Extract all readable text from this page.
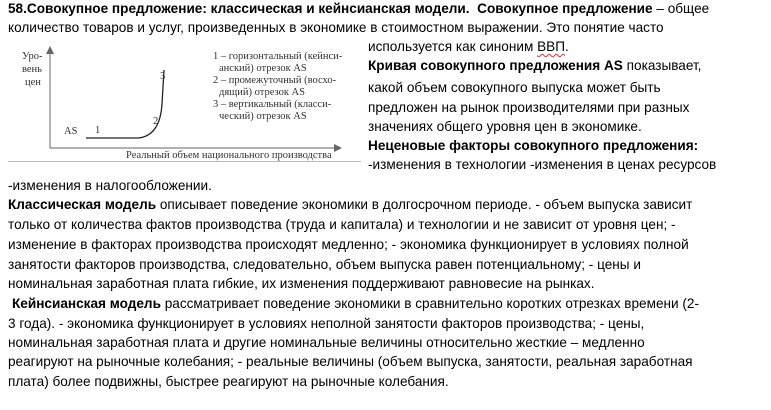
58.Совокупное предложение: классическая и кейнсианская модели. Совокупное предложение – общее
количество товаров и услуг, произведенных в экономике в стоимостном выражении. Это понятие часто
используется как синоним ВВП.
Кривая совокупного предложения AS показывает,
какой объем совокупного выпуска может быть
предложен на рынок производителями при разных
значениях общего уровня цен в экономике.
Неценовые факторы совокупного предложения:
-изменения в технологии -изменения в ценах ресурсов
-изменения в налогообложении.
Классическая модель описывает поведение экономики в долгосрочном периоде. - объем выпуска зависит
только от количества фактов производства (труда и капитала) и технологии и не зависит от уровня цен; -
изменение в факторах производства происходят медленно; - экономика функционирует в условиях полной
занятости факторов производства, следовательно, объем выпуска равен потенциальному; - цены и
номинальная заработная плата гибкие, их изменения поддерживают равновесие на рынках.
Кейнсианская модель рассматривает поведение экономики в сравнительно коротких отрезках времени (2-
3 года). - экономика функционирует в условиях неполной занятости факторов производства; - цены,
номинальная заработная плата и другие номинальные величины относительно жесткие – медленно
реагируют на рыночные колебания; - реальные величины (объем выпуска, занятости, реальная заработная
плата) более подвижны, быстрее реагируют на рыночные колебания.
Уро-
вень
цен
AS 1
2
3
1 – горизонтальный (кейнси-
анский) отрезок AS
2 – промежуточный (восхо-
дящий) отрезок AS
3 – вертикальный (класси-
ческий) отрезок AS
Реальный объем национального производства
